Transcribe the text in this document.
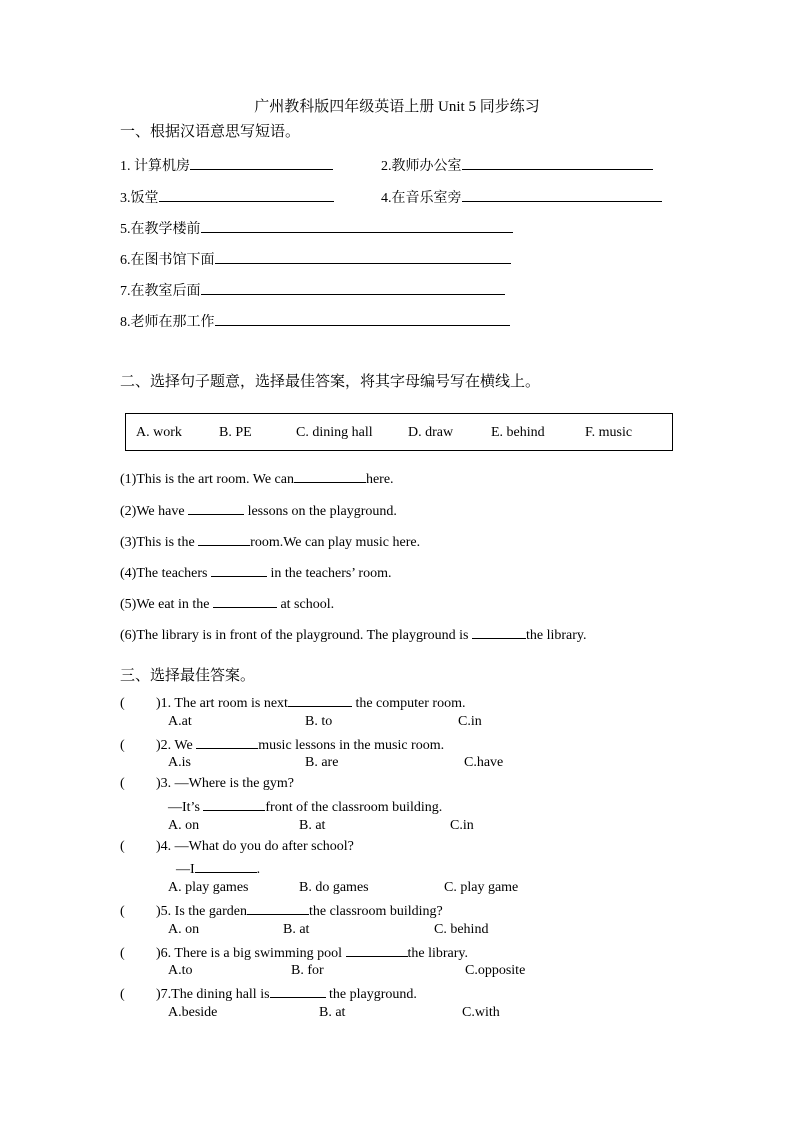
广州教科版四年级英语上册 Unit 5 同步练习
一、根据汉语意思写短语。
1. 计算机房	2.教师办公室
3.饭堂	4.在音乐室旁
5.在教学楼前
6.在图书馆下面
7.在教室后面
8.老师在那工作
二、选择句子题意，选择最佳答案，将其字母编号写在横线上。
A. work	B. PE	C. dining hall	D. draw	E. behind	F. music
(1)This is the art room. We can	here.
(2)We have	lessons on the playground.
(3)This is the	room.We can play music here.
(4)The teachers	in the teachers’ room.
(5)We eat in the	at school.
(6)The library is in front of the playground. The playground is	the library.
三、选择最佳答案。
( )1. The art room is next	the computer room.
A.at	B. to	C.in
( )2. We	music lessons in the music room.
A.is	B. are	C.have
( )3. —Where is the gym?
—It’s	front of the classroom building.
A. on	B. at	C.in
( )4. —What do you do after school?
—I	.
A. play games	B. do games	C. play game
( )5. Is the garden	the classroom building?
A. on	B. at	C. behind
( )6. There is a big swimming pool	the library.
A.to	B. for	C.opposite
( )7.The dining hall is	the playground.
A.beside	B. at	C.with
